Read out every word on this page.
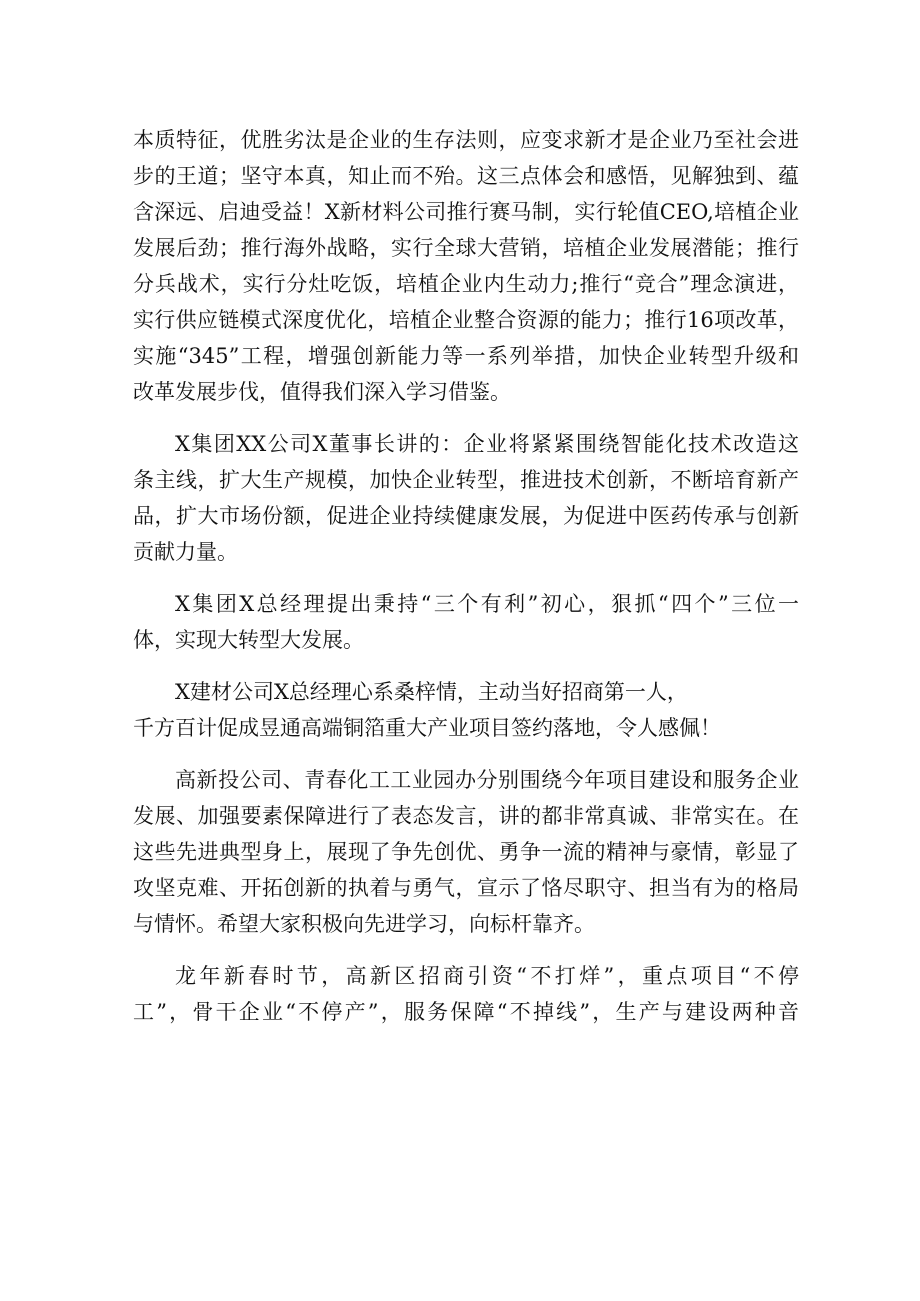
本质特征，优胜劣汰是企业的生存法则，应变求新才是企业乃至社会进
步的王道；坚守本真，知止而不殆。这三点体会和感悟，见解独到、蕴
含深远、启迪受益！X新材料公司推行赛马制，实行轮值CEO,培植企业
发展后劲；推行海外战略，实行全球大营销，培植企业发展潜能；推行
分兵战术，实行分灶吃饭，培植企业内生动力;推行“竞合”理念演进，
实行供应链模式深度优化，培植企业整合资源的能力；推行16项改革，
实施“345”工程，增强创新能力等一系列举措，加快企业转型升级和
改革发展步伐，值得我们深入学习借鉴。
X集团XX公司X董事长讲的：企业将紧紧围绕智能化技术改造这
条主线，扩大生产规模，加快企业转型，推进技术创新，不断培育新产
品，扩大市场份额，促进企业持续健康发展，为促进中医药传承与创新
贡献力量。
X集团X总经理提出秉持“三个有利”初心，狠抓“四个”三位一
体，实现大转型大发展。
X建材公司X总经理心系桑梓情，主动当好招商第一人，
千方百计促成昱通高端铜箔重大产业项目签约落地，令人感佩！
高新投公司、青春化工工业园办分别围绕今年项目建设和服务企业
发展、加强要素保障进行了表态发言，讲的都非常真诚、非常实在。在
这些先进典型身上，展现了争先创优、勇争一流的精神与豪情，彰显了
攻坚克难、开拓创新的执着与勇气，宣示了恪尽职守、担当有为的格局
与情怀。希望大家积极向先进学习，向标杆靠齐。
龙年新春时节，高新区招商引资“不打烊”，重点项目“不停
工”，骨干企业“不停产”，服务保障“不掉线”，生产与建设两种音
